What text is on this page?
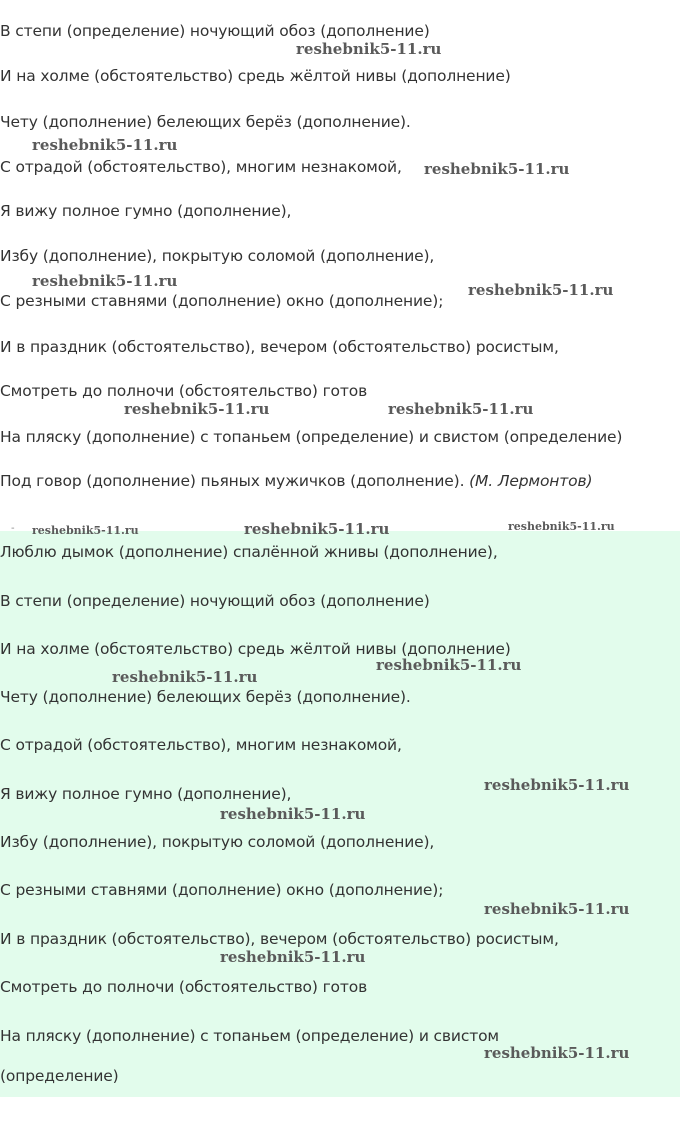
В степи (определение) ночующий обоз (дополнение)

И на холме (обстоятельство) средь жёлтой нивы (дополнение)

Чету (дополнение) белеющих берёз (дополнение).

С отрадой (обстоятельство), многим незнакомой,

Я вижу полное гумно (дополнение),

Избу (дополнение), покрытую соломой (дополнение),

С резными ставнями (дополнение) окно (дополнение);

И в праздник (обстоятельство), вечером (обстоятельство) росистым,

Смотреть до полночи (обстоятельство) готов

На пляску (дополнение) с топаньем (определение) и свистом (определение)

Под говор (дополнение) пьяных мужичков (дополнение). (М. Лермонтов)

Люблю дымок (дополнение) спалённой жнивы (дополнение),

В степи (определение) ночующий обоз (дополнение)

И на холме (обстоятельство) средь жёлтой нивы (дополнение)

Чету (дополнение) белеющих берёз (дополнение).

С отрадой (обстоятельство), многим незнакомой,

Я вижу полное гумно (дополнение),

Избу (дополнение), покрытую соломой (дополнение),

С резными ставнями (дополнение) окно (дополнение);

И в праздник (обстоятельство), вечером (обстоятельство) росистым,

Смотреть до полночи (обстоятельство) готов

На пляску (дополнение) с топаньем (определение) и свистом

(определение)

-
reshebnik5-11.ru
reshebnik5-11.ru
reshebnik5-11.ru
reshebnik5-11.ru	reshebnik5-11.ru
reshebnik5-11.ru	reshebnik5-11.ru
reshebnik5-11.ru	reshebnik5-11.ru	reshebnik5-11.ru
reshebnik5-11.ru
reshebnik5-11.ru
reshebnik5-11.ru
reshebnik5-11.ru
reshebnik5-11.ru
reshebnik5-11.ru
reshebnik5-11.ru
